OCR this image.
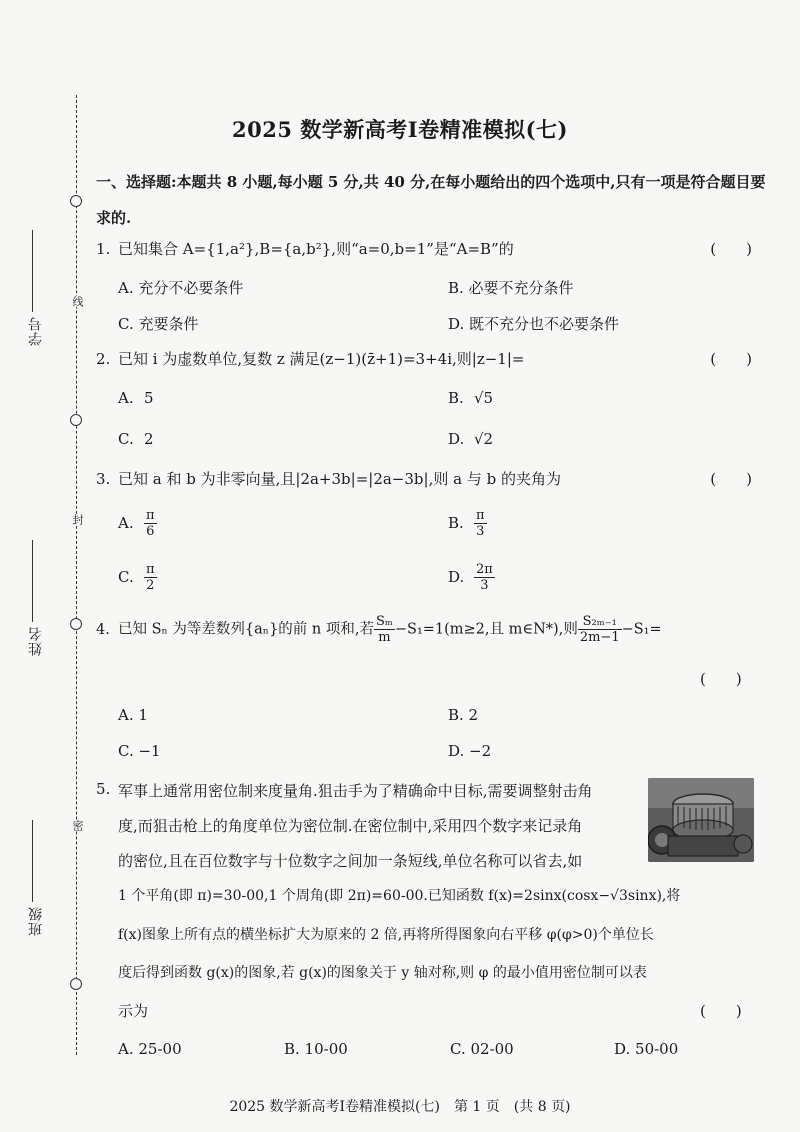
线
封
密
学号
姓名
班级
2025 数学新高考Ⅰ卷精准模拟(七)
一、选择题:本题共 8 小题,每小题 5 分,共 40 分,在每小题给出的四个选项中,只有一项是符合题目要求的.
1. 已知集合 A={1,a²},B={a,b²},则“a=0,b=1”是“A=B”的	(　　)
A. 充分不必要条件	B. 必要不充分条件
C. 充要条件	D. 既不充分也不必要条件
2. 已知 i 为虚数单位,复数 z 满足(z−1)(z̄+1)=3+4i,则|z−1|=	(　　)
A. 5	B. √5
C. 2	D. √2
3. 已知 a 和 b 为非零向量,且|2a+3b|=|2a−3b|,则 a 与 b 的夹角为	(　　)
A. $\frac{\pi}{6}$	B. $\frac{\pi}{3}$
C. $\frac{\pi}{2}$	D. $\frac{2\pi}{3}$
4. 已知 Sₙ 为等差数列{aₙ}的前 n 项和,若 $\frac{\text{Sₘ}}{m} -S_1=1(m\ge 2$,且 m∈N*),则 $\frac{\text{S₂ₘ₋₁}}{2m-1} -S_1=$
(　　)
A. 1	B. 2
C. −1	D. −2
5. 军事上通常用密位制来度量角.狙击手为了精确命中目标,需要调整射击角
度,而狙击枪上的角度单位为密位制.在密位制中,采用四个数字来记录角
的密位,且在百位数字与十位数字之间加一条短线,单位名称可以省去,如
1 个平角(即 π)=30-00,1 个周角(即 2π)=60-00.已知函数 f(x)=2sinx(cosx−√3sinx),将
f(x)图象上所有点的横坐标扩大为原来的 2 倍,再将所得图象向右平移 φ(φ>0)个单位长
度后得到函数 g(x)的图象,若 g(x)的图象关于 y 轴对称,则 φ 的最小值用密位制可以表
示为	(　　)
A. 25-00	B. 10-00	C. 02-00	D. 50-00
2025 数学新高考Ⅰ卷精准模拟(七)　第 1 页　(共 8 页)
